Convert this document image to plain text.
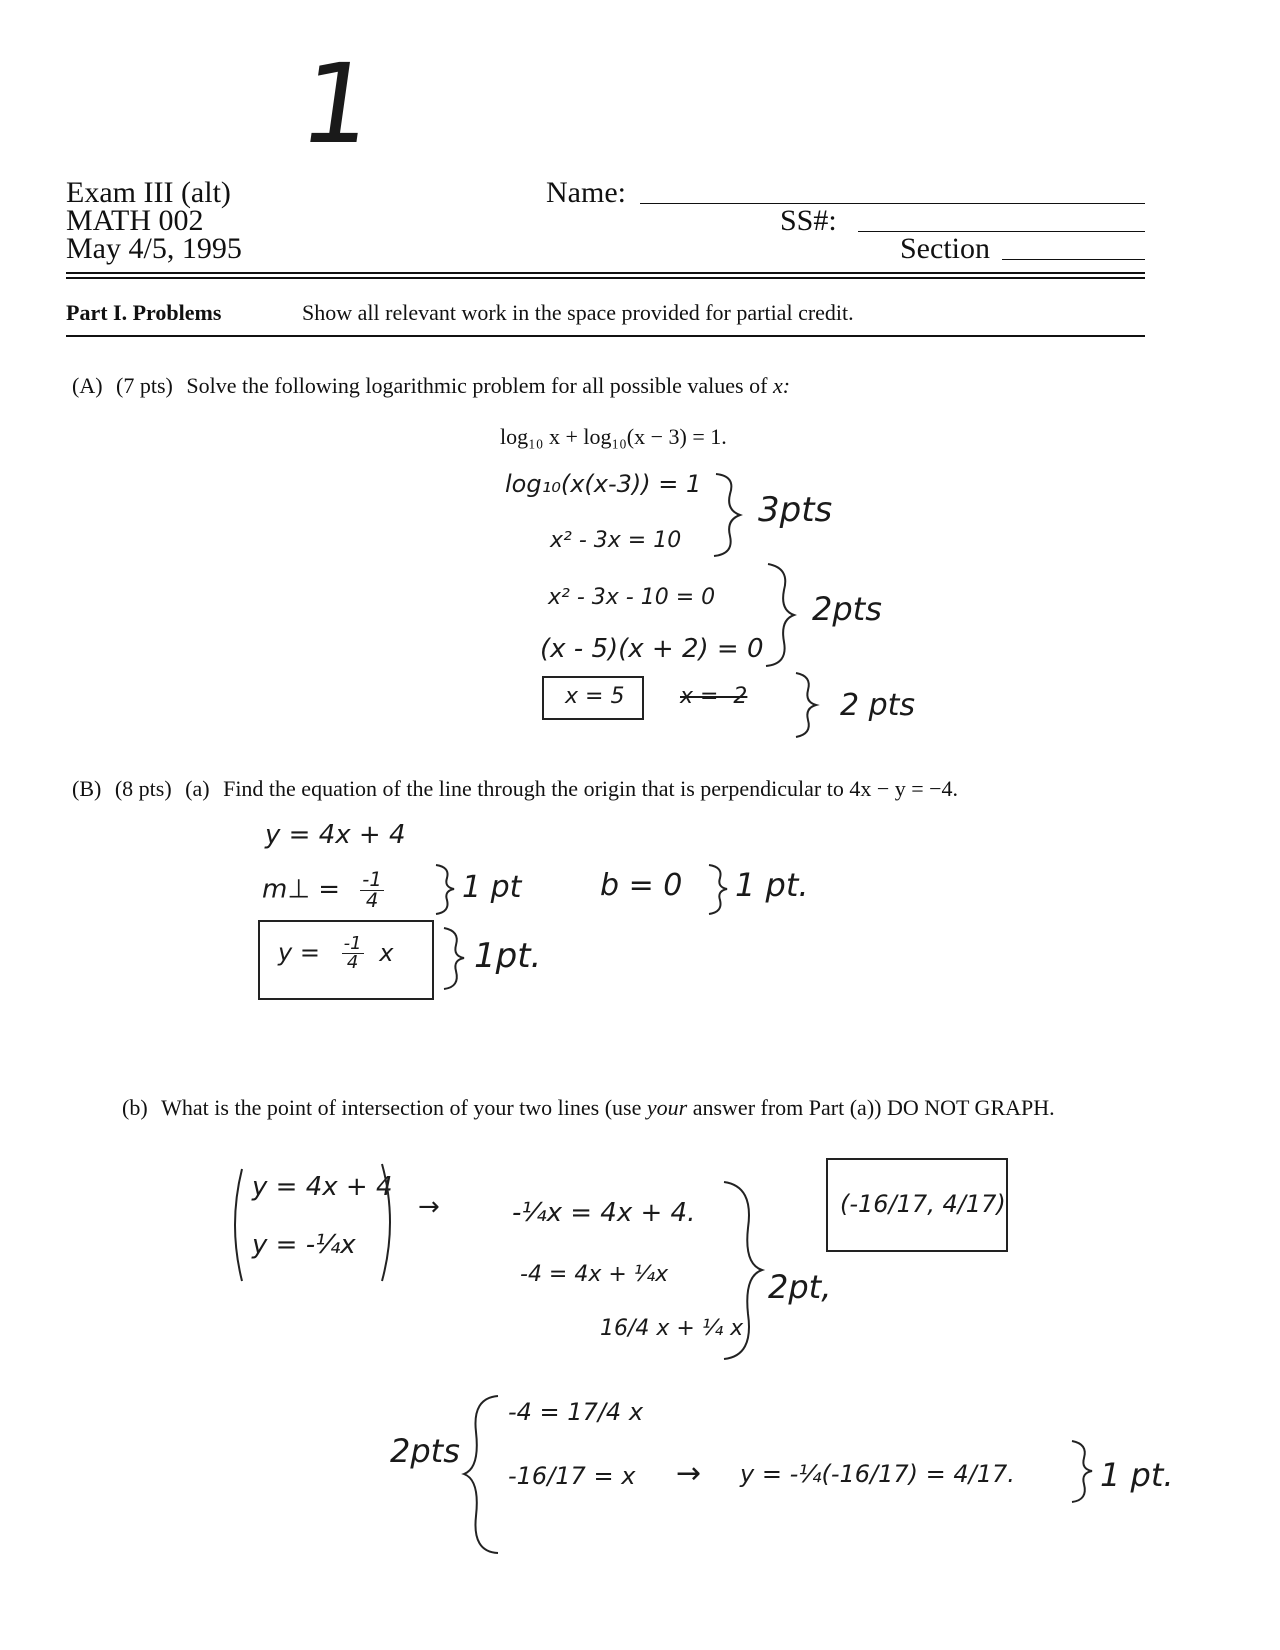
1
Exam III (alt)
MATH 002
May 4/5, 1995
Name:
SS#:
Section
Part I. Problems	Show all relevant work in the space provided for partial credit.
(A) (7 pts) Solve the following logarithmic problem for all possible values of x:
log₁₀ x + log₁₀(x − 3) = 1.
log₁₀(x(x-3)) = 1
x² - 3x = 10
3pts
x² - 3x - 10 = 0
(x - 5)(x + 2) = 0
2pts
x = 5	x = -2	2 pts
(B) (8 pts) (a) Find the equation of the line through the origin that is perpendicular to 4x − y = −4.
y = 4x + 4
m⊥ = $\frac{-1}{4}$	1 pt	b = 0 1 pt.
$y = \frac{-1}{4}$ x 1pt.
(b) What is the point of intersection of your two lines (use your answer from Part (a)) DO NOT GRAPH.
y = 4x + 4
y = -¼x
→	-¼x = 4x + 4.
-4 = 4x + ¼x
16/4 x + ¼ x
2pt,
(-16/17, 4/17)
2pts
-4 = 17/4 x
-16/17 = x → y = -¼(-16/17) = 4/17.	1 pt.
